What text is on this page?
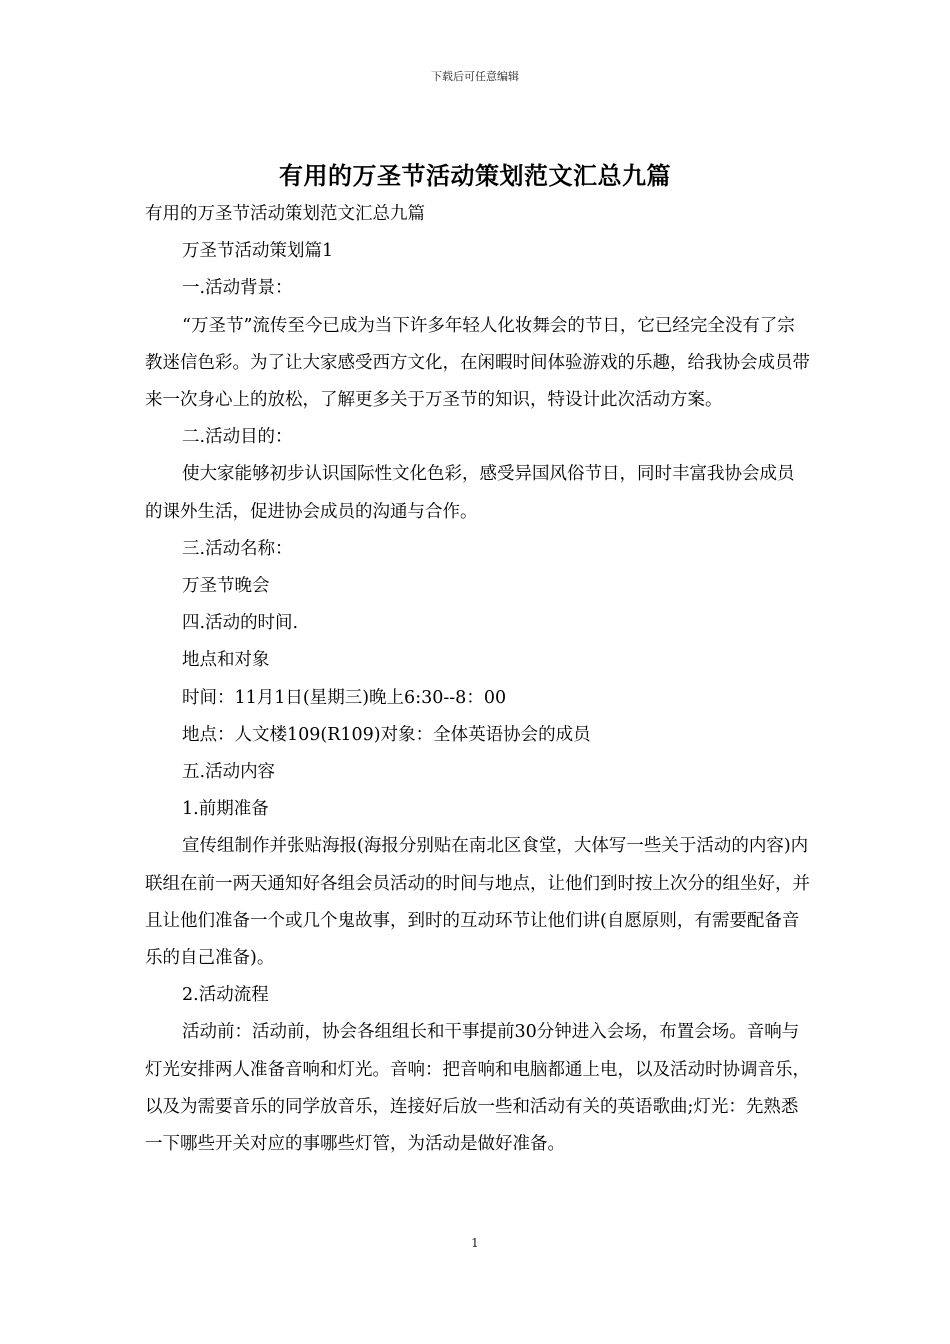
下载后可任意编辑
有用的万圣节活动策划范文汇总九篇

有用的万圣节活动策划范文汇总九篇

万圣节活动策划篇1

一.活动背景：

“万圣节”流传至今已成为当下许多年轻人化妆舞会的节日，它已经完全没有了宗教迷信色彩。为了让大家感受西方文化，在闲暇时间体验游戏的乐趣，给我协会成员带来一次身心上的放松，了解更多关于万圣节的知识，特设计此次活动方案。

二.活动目的：

使大家能够初步认识国际性文化色彩，感受异国风俗节日，同时丰富我协会成员的课外生活，促进协会成员的沟通与合作。

三.活动名称：

万圣节晚会

四.活动的时间.

地点和对象

时间：11月1日(星期三)晚上6:30--8：00

地点：人文楼109(R109)对象：全体英语协会的成员

五.活动内容

1.前期准备

宣传组制作并张贴海报(海报分别贴在南北区食堂，大体写一些关于活动的内容)内联组在前一两天通知好各组会员活动的时间与地点，让他们到时按上次分的组坐好，并且让他们准备一个或几个鬼故事，到时的互动环节让他们讲(自愿原则，有需要配备音乐的自己准备)。

2.活动流程

活动前：活动前，协会各组组长和干事提前30分钟进入会场，布置会场。音响与灯光安排两人准备音响和灯光。音响：把音响和电脑都通上电，以及活动时协调音乐，以及为需要音乐的同学放音乐，连接好后放一些和活动有关的英语歌曲;灯光：先熟悉一下哪些开关对应的事哪些灯管，为活动是做好准备。

1
